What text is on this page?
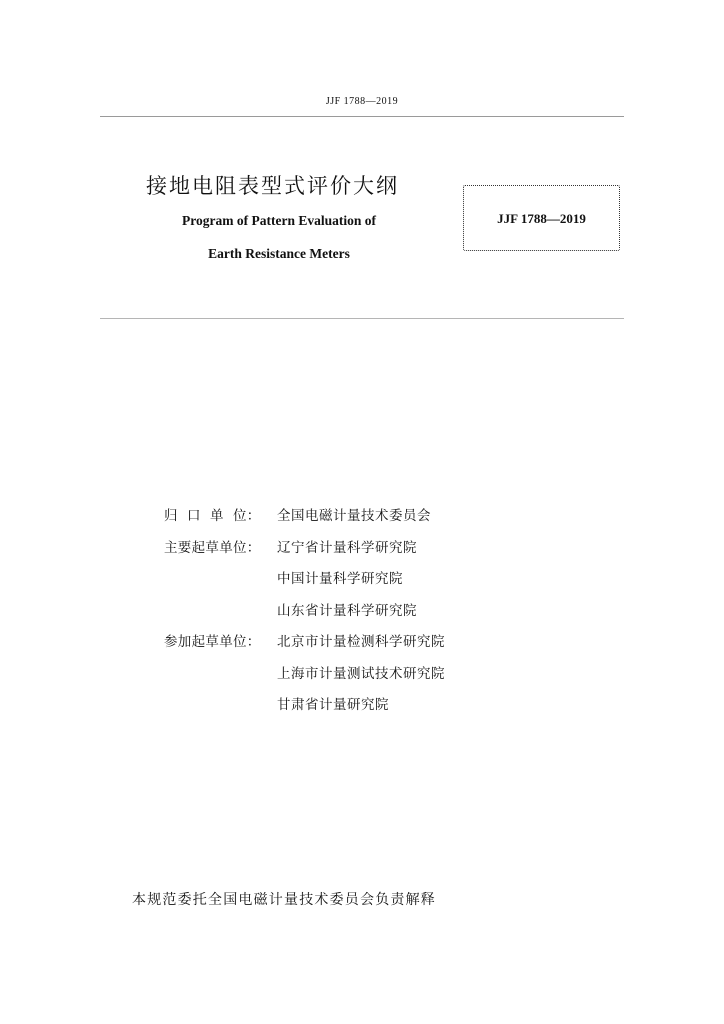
JJF 1788—2019
接地电阻表型式评价大纲
Program of Pattern Evaluation of
Earth Resistance Meters
JJF 1788—2019
归  口  单  位：	全国电磁计量技术委员会
主要起草单位：	辽宁省计量科学研究院
中国计量科学研究院
山东省计量科学研究院
参加起草单位：	北京市计量检测科学研究院
上海市计量测试技术研究院
甘肃省计量研究院
本规范委托全国电磁计量技术委员会负责解释
